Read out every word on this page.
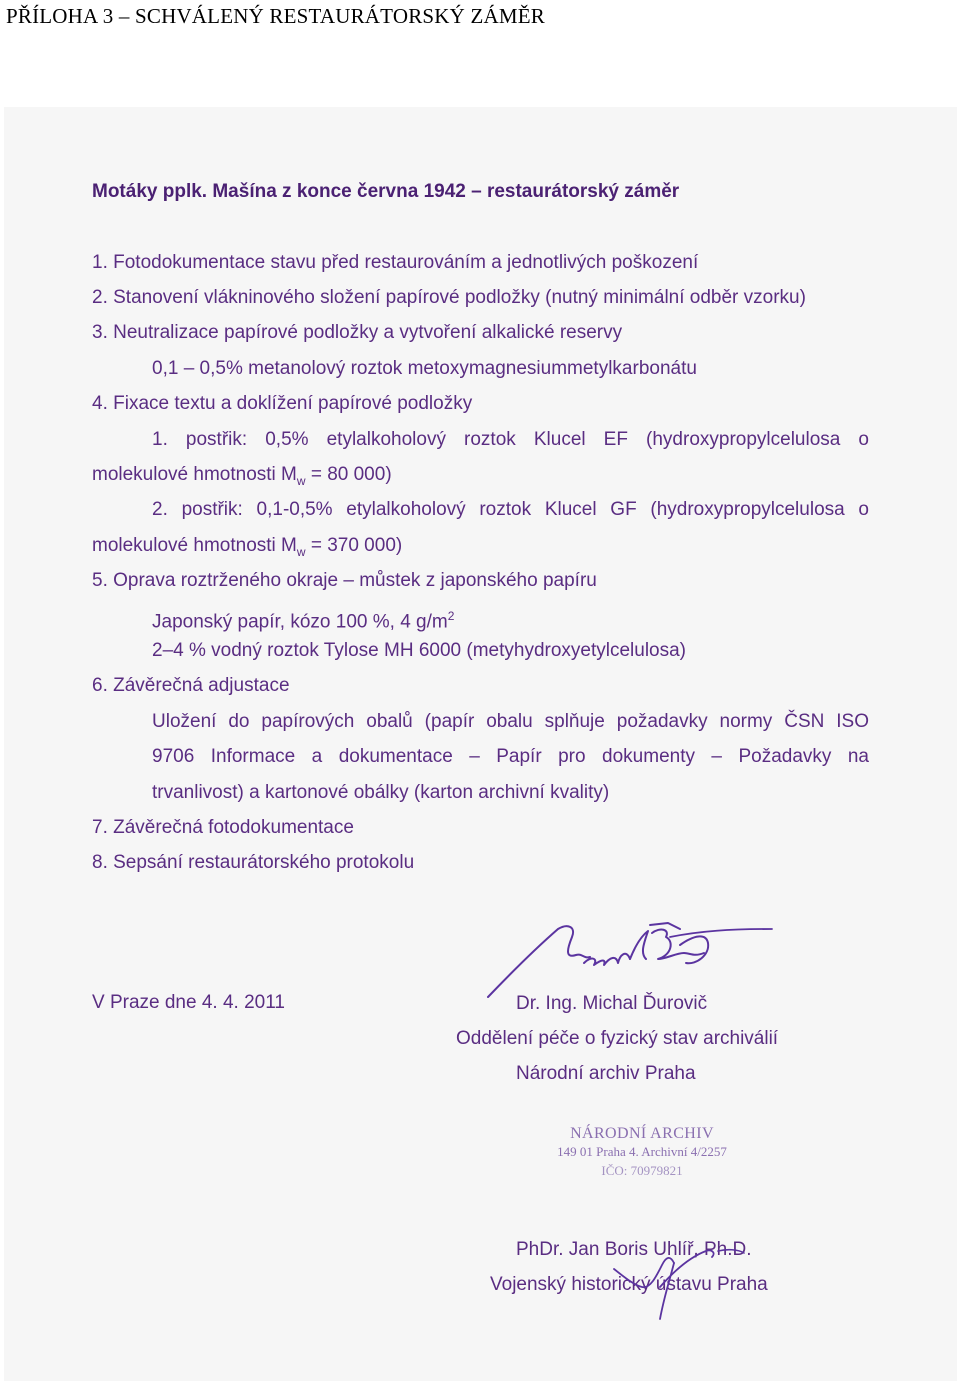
PŘÍLOHA 3 – SCHVÁLENÝ RESTAURÁTORSKÝ ZÁMĚR
Motáky pplk. Mašína z konce června 1942 – restaurátorský záměr
1. Fotodokumentace stavu před restaurováním a jednotlivých poškození
2. Stanovení vlákninového složení papírové podložky (nutný minimální odběr vzorku)
3. Neutralizace papírové podložky a vytvoření alkalické reservy
0,1 – 0,5% metanolový roztok metoxymagnesiummetylkarbonátu
4. Fixace textu a doklížení papírové podložky
1. postřik: 0,5% etylalkoholový roztok Klucel EF (hydroxypropylcelulosa o
molekulové hmotnosti $M_w = 80$ 000)
2. postřik: 0,1-0,5% etylalkoholový roztok Klucel GF (hydroxypropylcelulosa o
molekulové hmotnosti $M_w = 370$ 000)
5. Oprava roztrženého okraje – můstek z japonského papíru
Japonský papír, kózo 100 %, 4 $g/m^2$
2–4 % vodný roztok Tylose MH 6000 (metyhydroxyetylcelulosa)
6. Závěrečná adjustace
Uložení do papírových obalů (papír obalu splňuje požadavky normy ČSN ISO
9706 Informace a dokumentace – Papír pro dokumenty – Požadavky na
trvanlivost) a kartonové obálky (karton archivní kvality)
7. Závěrečná fotodokumentace
8. Sepsání restaurátorského protokolu
V Praze dne 4. 4. 2011	Dr. Ing. Michal Ďurovič
Oddělení péče o fyzický stav archiválií
Národní archiv Praha
NÁRODNÍ ARCHIV
149 01 Praha 4. Archivní 4/2257
IČO: 70979821
PhDr. Jan Boris Uhlíř, Ph.D.
Vojenský historický ústavu Praha
